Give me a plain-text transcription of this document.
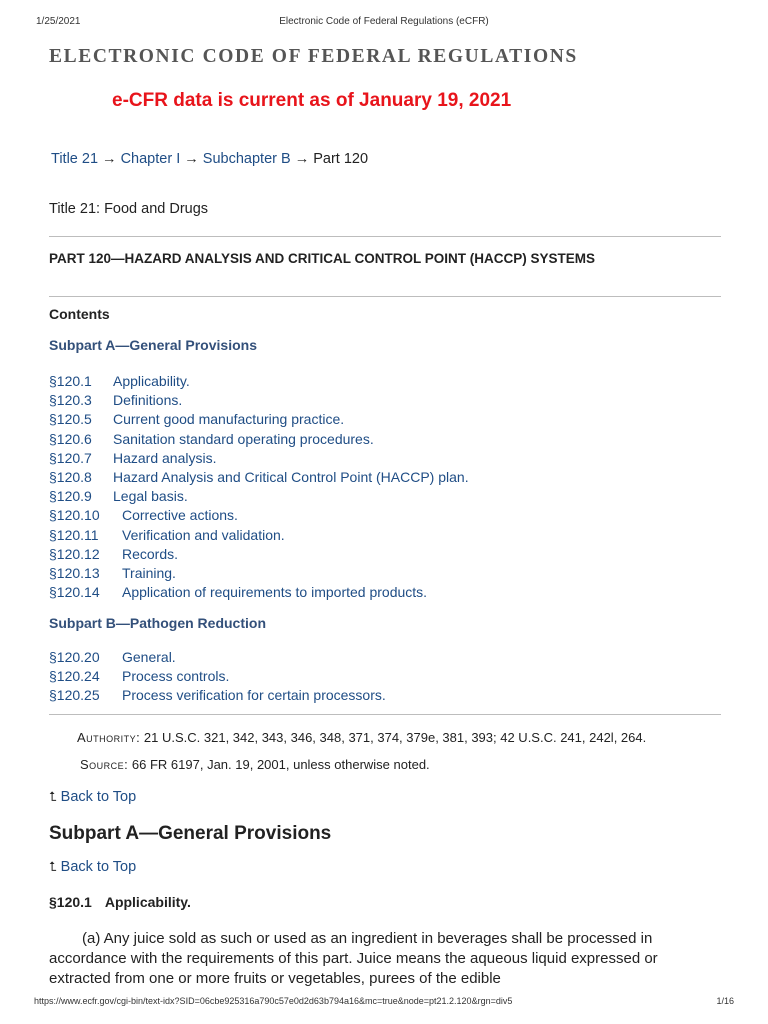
1/25/2021	Electronic Code of Federal Regulations (eCFR)
ELECTRONIC CODE OF FEDERAL REGULATIONS

e-CFR data is current as of January 19, 2021

Title 21 → Chapter I → Subchapter B → Part 120
Title 21: Food and Drugs
PART 120—HAZARD ANALYSIS AND CRITICAL CONTROL POINT (HACCP) SYSTEMS
Contents
Subpart A—General Provisions
§120.1 Applicability.
§120.3 Definitions.
§120.5 Current good manufacturing practice.
§120.6 Sanitation standard operating procedures.
§120.7 Hazard analysis.
§120.8 Hazard Analysis and Critical Control Point (HACCP) plan.
§120.9 Legal basis.
§120.10 Corrective actions.
§120.11 Verification and validation.
§120.12 Records.
§120.13 Training.
§120.14 Application of requirements to imported products.
Subpart B—Pathogen Reduction
§120.20 General.
§120.24 Process controls.
§120.25 Process verification for certain processors.
Authority: 21 U.S.C. 321, 342, 343, 346, 348, 371, 374, 379e, 381, 393; 42 U.S.C. 241, 242l, 264.
Source: 66 FR 6197, Jan. 19, 2001, unless otherwise noted.
⮤ Back to Top
Subpart A—General Provisions
⮤ Back to Top
§120.1 Applicability.

(a) Any juice sold as such or used as an ingredient in beverages shall be processed in accordance with the requirements of this part. Juice means the aqueous liquid expressed or extracted from one or more fruits or vegetables, purees of the edible

https://www.ecfr.gov/cgi-bin/text-idx?SID=06cbe925316a790c57e0d2d63b794a16&mc=true&node=pt21.2.120&rgn=div5	1/16
